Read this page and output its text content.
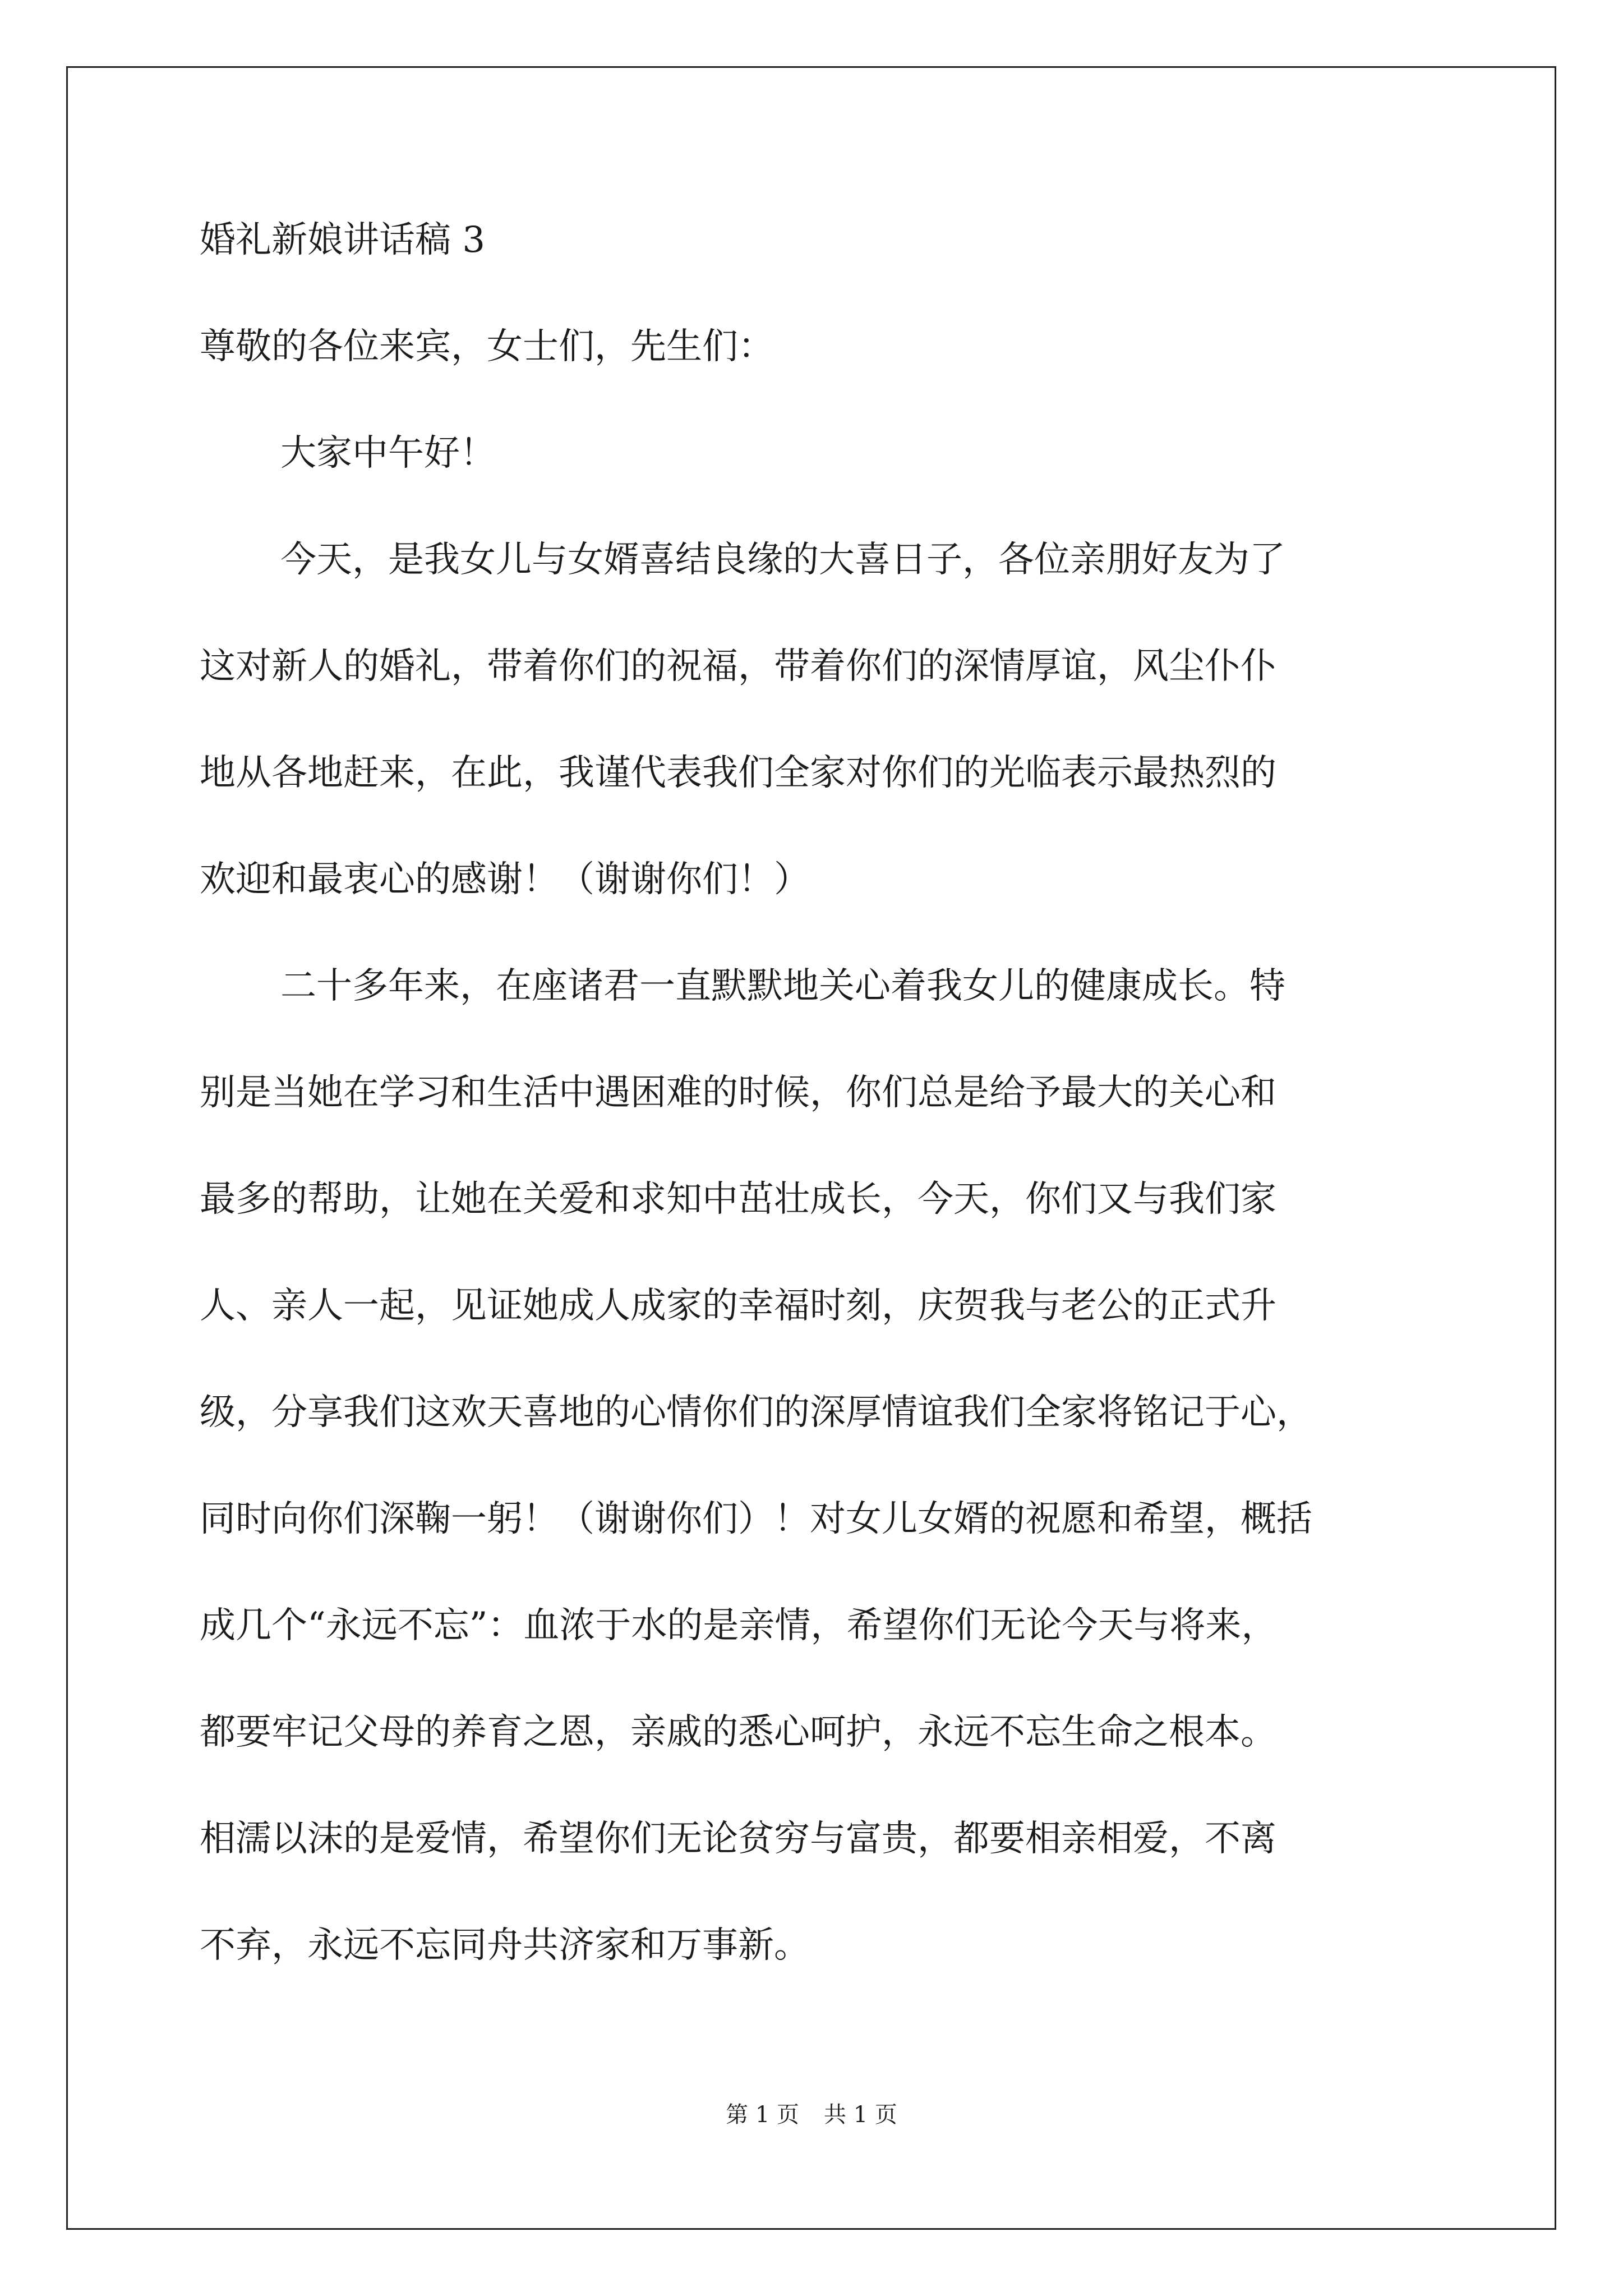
婚礼新娘讲话稿 3
尊敬的各位来宾，女士们，先生们：
大家中午好！
今天，是我女儿与女婿喜结良缘的大喜日子，各位亲朋好友为了
这对新人的婚礼，带着你们的祝福，带着你们的深情厚谊，风尘仆仆
地从各地赶来，在此，我谨代表我们全家对你们的光临表示最热烈的
欢迎和最衷心的感谢！（谢谢你们！）
二十多年来，在座诸君一直默默地关心着我女儿的健康成长。特
别是当她在学习和生活中遇困难的时候，你们总是给予最大的关心和
最多的帮助，让她在关爱和求知中茁壮成长，今天，你们又与我们家
人、亲人一起，见证她成人成家的幸福时刻，庆贺我与老公的正式升
级，分享我们这欢天喜地的心情你们的深厚情谊我们全家将铭记于心，
同时向你们深鞠一躬！（谢谢你们）！对女儿女婿的祝愿和希望，概括
成几个“永远不忘”：血浓于水的是亲情，希望你们无论今天与将来，
都要牢记父母的养育之恩，亲戚的悉心呵护，永远不忘生命之根本。
相濡以沫的是爱情，希望你们无论贫穷与富贵，都要相亲相爱，不离
不弃，永远不忘同舟共济家和万事新。
第 1 页 共 1 页
